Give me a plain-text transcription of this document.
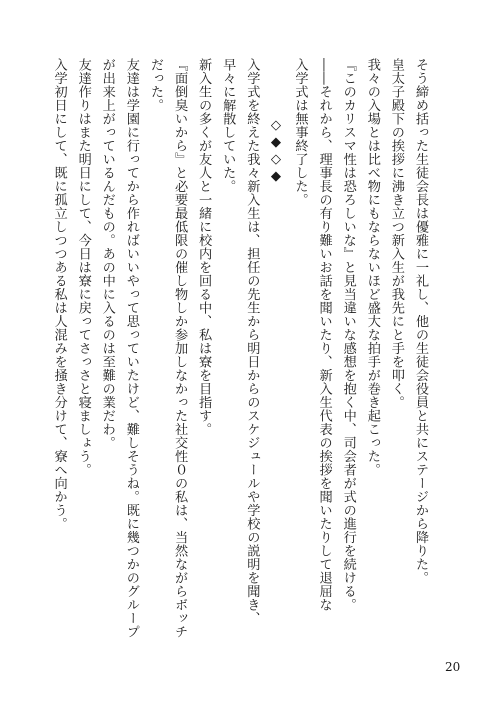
そう締め括った生徒会長は優雅に一礼し、他の生徒会役員と共にステージから降りた。
皇太子殿下の挨拶に沸き立つ新入生が我先にと手を叩く。
我々の入場とは比べ物にもならないほど盛大な拍手が巻き起こった。
『このカリスマ性は恐ろしいな』と見当違いな感想を抱く中、司会者が式の進行を続ける。
――それから、理事長の有り難いお話を聞いたり、新入生代表の挨拶を聞いたりして退屈な
入学式は無事終了した。
◇◆◇◆
入学式を終えた我々新入生は、担任の先生から明日からのスケジュールや学校の説明を聞き、
早々に解散していた。
新入生の多くが友人と一緒に校内を回る中、私は寮を目指す。
『面倒臭いから』と必要最低限の催し物しか参加しなかった社交性０の私は、当然ながらボッチ
だった。
友達は学園に行ってから作ればいいやって思っていたけど、難しそうね。既に幾つかのグループ
が出来上がっているんだもの。あの中に入るのは至難の業だわ。
友達作りはまた明日にして、今日は寮に戻ってさっさと寝ましょう。
入学初日にして、既に孤立しつつある私は人混みを掻き分けて、寮へ向かう。
20
